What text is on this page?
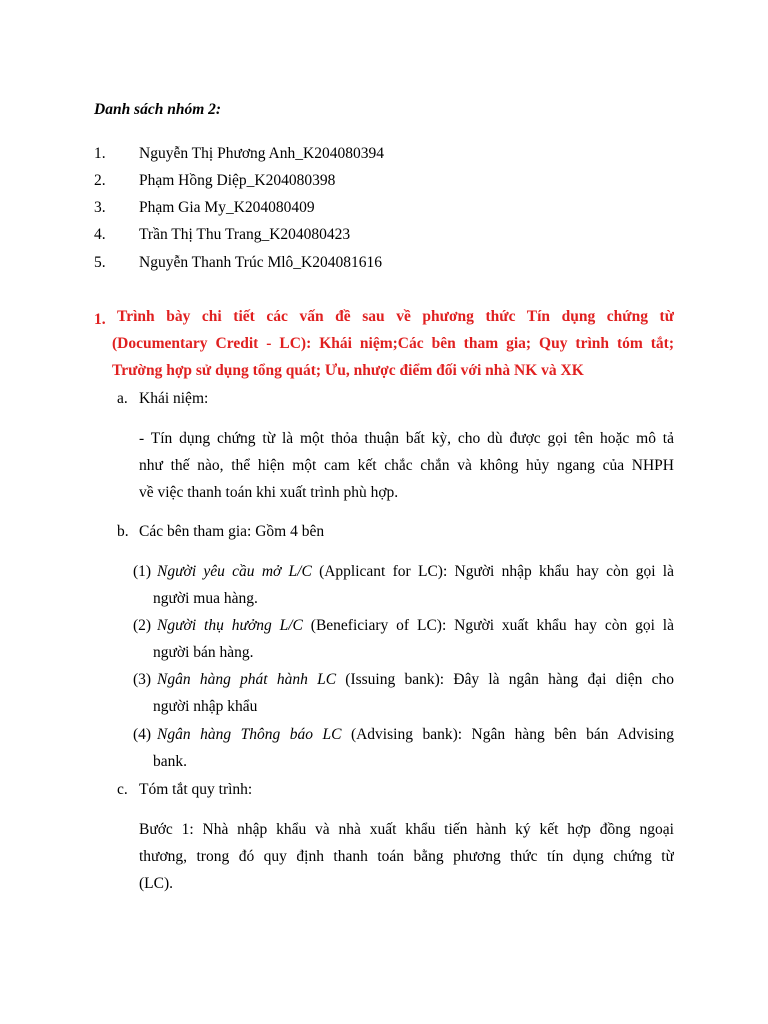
Danh sách nhóm 2:
1. Nguyễn Thị Phương Anh_K204080394
2. Phạm Hồng Diệp_K204080398
3. Phạm Gia My_K204080409
4. Trần Thị Thu Trang_K204080423
5. Nguyễn Thanh Trúc Mlô_K204081616
1. Trình bày chi tiết các vấn đề sau về phương thức Tín dụng chứng từ
(Documentary Credit - LC): Khái niệm;Các bên tham gia; Quy trình tóm tắt;
Trường hợp sử dụng tổng quát; Ưu, nhược điểm đối với nhà NK và XK
a. Khái niệm:
- Tín dụng chứng từ là một thỏa thuận bất kỳ, cho dù được gọi tên hoặc mô tả
như thế nào, thể hiện một cam kết chắc chắn và không hủy ngang của NHPH
về việc thanh toán khi xuất trình phù hợp.
b. Các bên tham gia: Gồm 4 bên
(1) Người yêu cầu mở L/C (Applicant for LC): Người nhập khẩu hay còn gọi là
người mua hàng.
(2) Người thụ hưởng L/C (Beneficiary of LC): Người xuất khẩu hay còn gọi là
người bán hàng.
(3) Ngân hàng phát hành LC (Issuing bank): Đây là ngân hàng đại diện cho
người nhập khẩu
(4) Ngân hàng Thông báo LC (Advising bank): Ngân hàng bên bán Advising
bank.
c. Tóm tắt quy trình:
Bước 1: Nhà nhập khẩu và nhà xuất khẩu tiến hành ký kết hợp đồng ngoại
thương, trong đó quy định thanh toán bằng phương thức tín dụng chứng từ
(LC).
